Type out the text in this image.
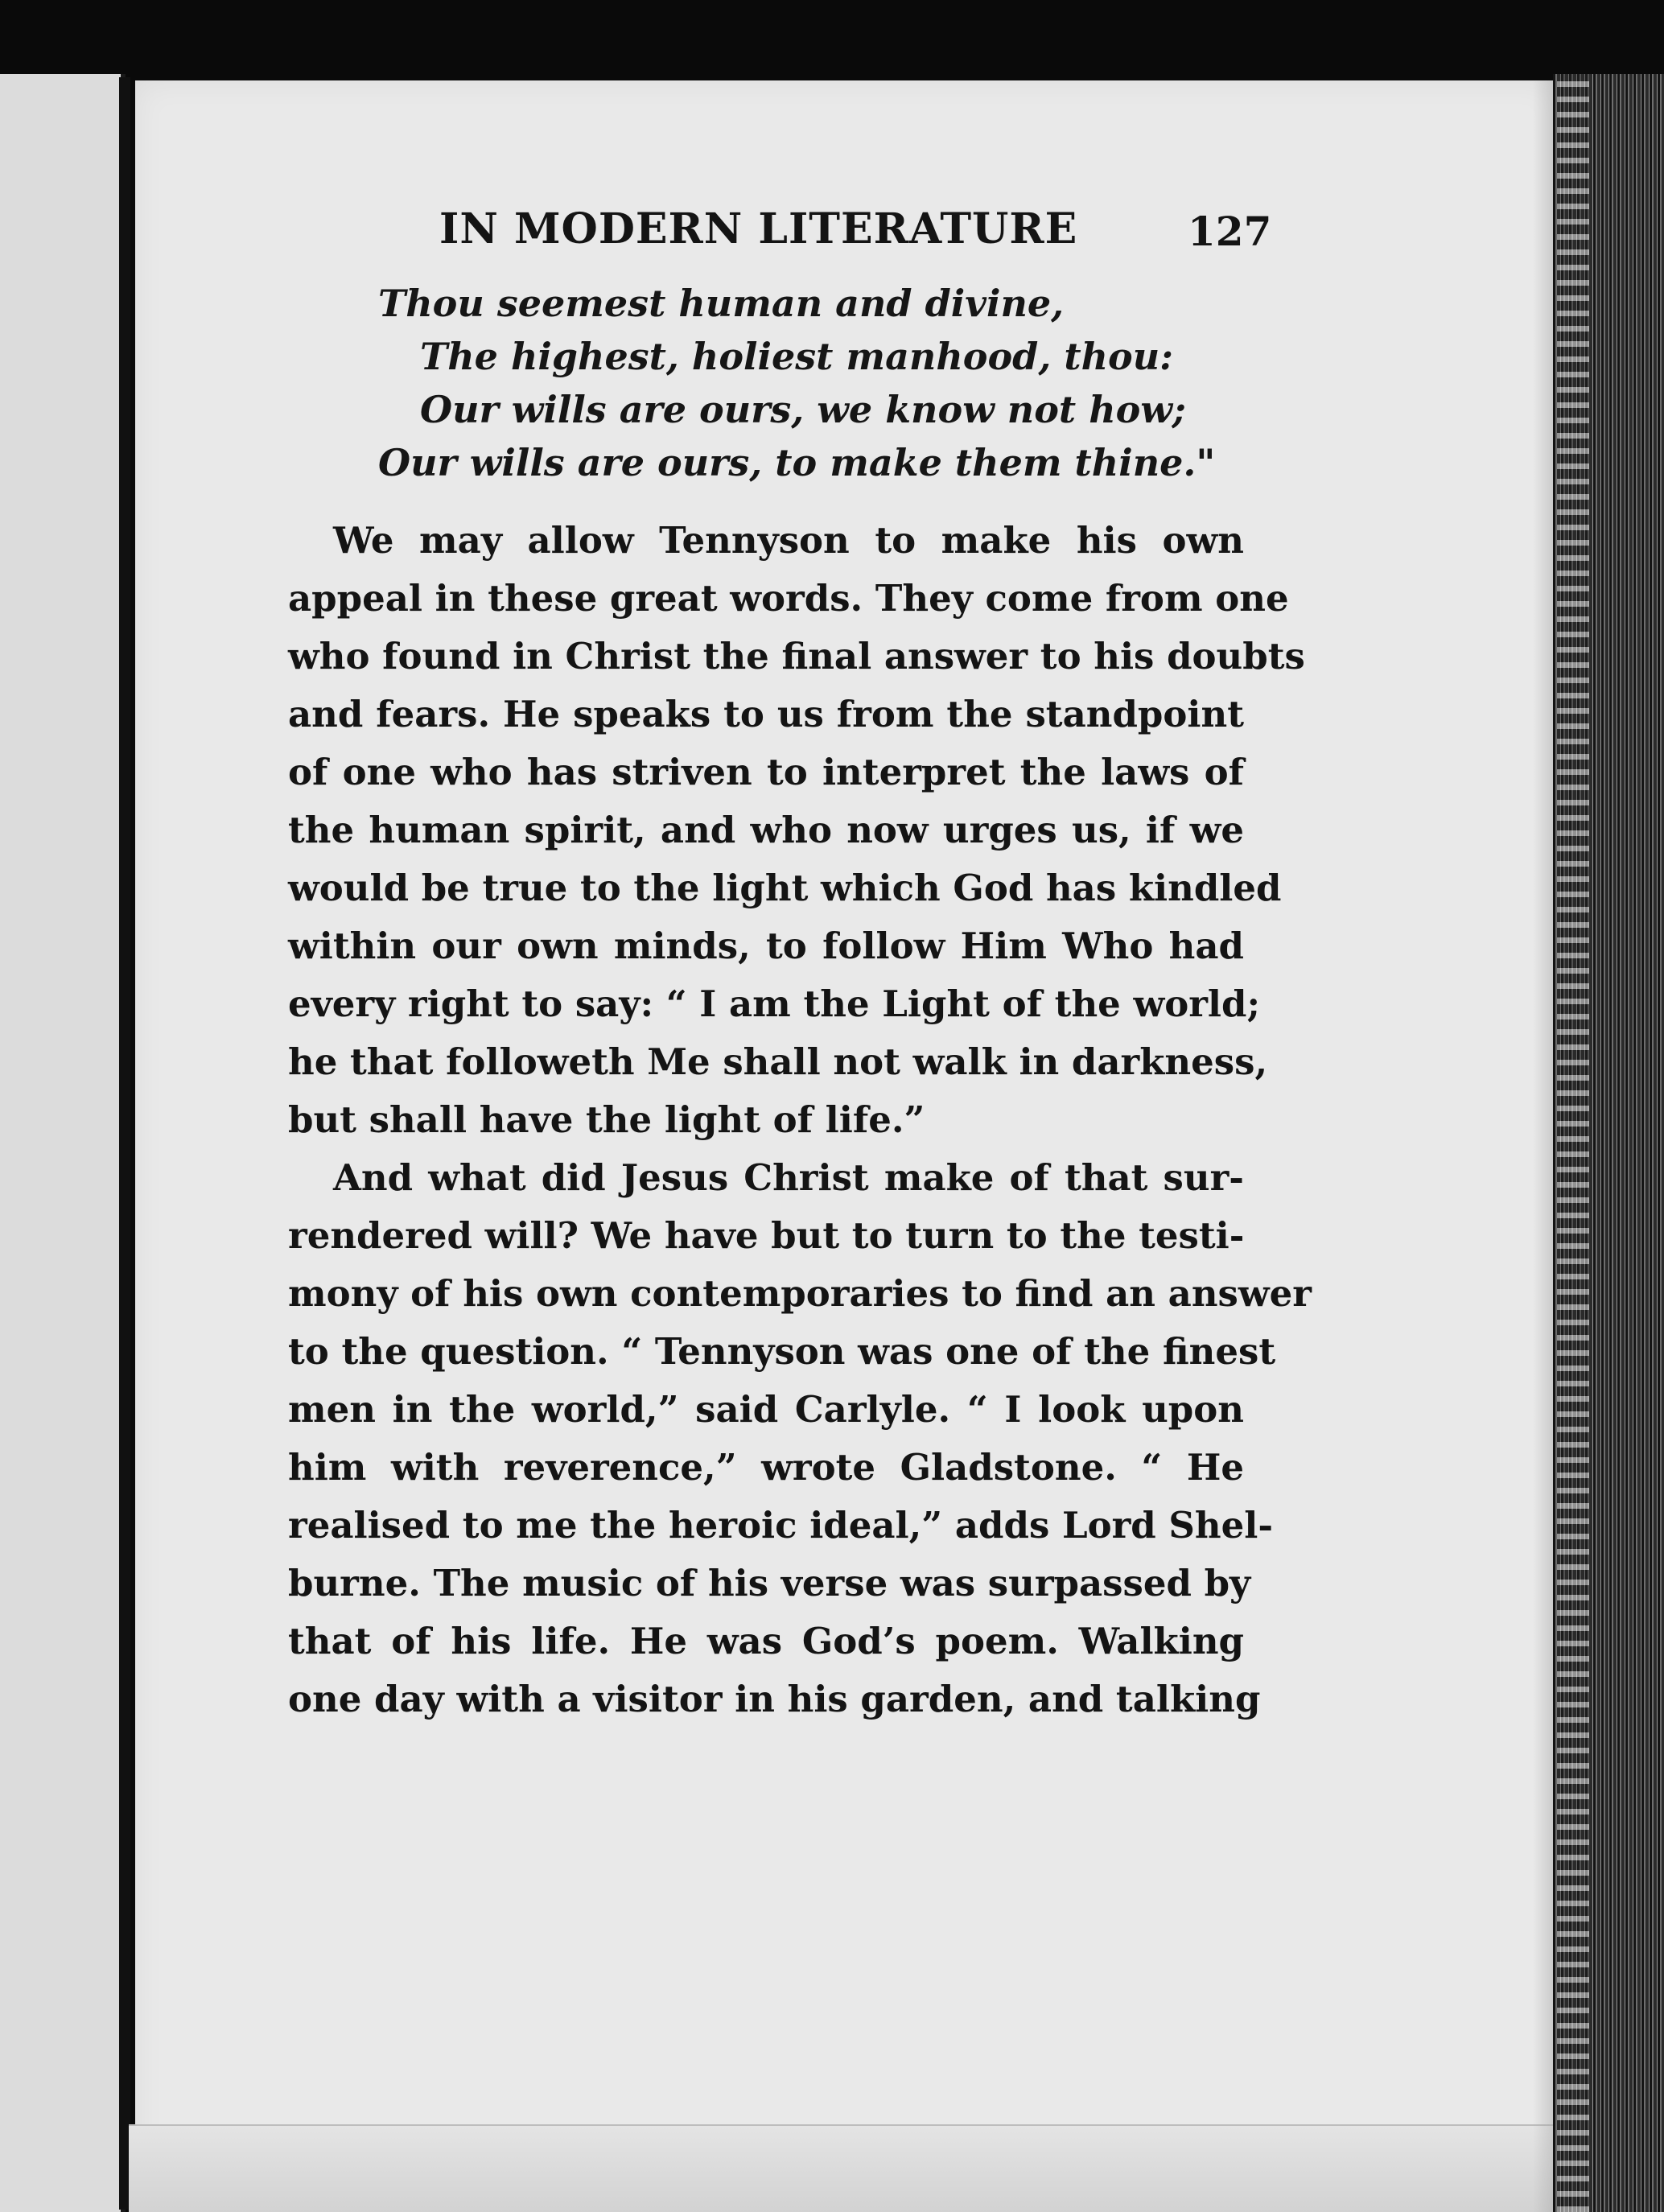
IN MODERN LITERATURE	127
Thou seemest human and divine,
The highest, holiest manhood, thou:
Our wills are ours, we know not how;
Our wills are ours, to make them thine."
We may allow Tennyson to make his own
appeal in these great words. They come from one
who found in Christ the final answer to his doubts
and fears. He speaks to us from the standpoint
of one who has striven to interpret the laws of
the human spirit, and who now urges us, if we
would be true to the light which God has kindled
within our own minds, to follow Him Who had
every right to say: “ I am the Light of the world;
he that followeth Me shall not walk in darkness,
but shall have the light of life.”
And what did Jesus Christ make of that sur-
rendered will? We have but to turn to the testi-
mony of his own contemporaries to find an answer
to the question. “ Tennyson was one of the finest
men in the world,” said Carlyle. “ I look upon
him with reverence,” wrote Gladstone. “ He
realised to me the heroic ideal,” adds Lord Shel-
burne. The music of his verse was surpassed by
that of his life. He was God’s poem. Walking
one day with a visitor in his garden, and talking
